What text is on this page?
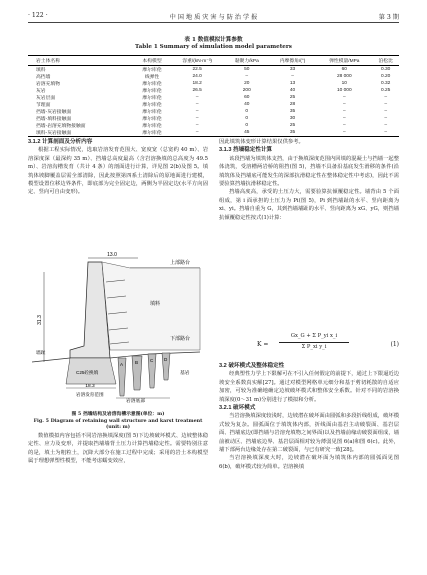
· 122 ·	中 国 地 质 灾 害 与 防 治 学 报	第 3 期
表 1 数值模拟计算参数
Table 1 Summary of simulation model parameters
岩土体名称	本构模型	容重/(kN·m⁻³)	黏聚力/kPa	内摩擦角/(°)	弹性模量/MPa	泊松比
填料	摩尔库伦	22.5	50	33	60	0.30
高挡墙	线弹性	24.0	–	–	28 000	0.20
岩溶充填物	摩尔库伦	18.2	20	13	10	0.32
灰岩	摩尔库伦	26.5	200	40	10 000	0.25
灰岩层面	摩尔库伦	–	60	25	–	–
节理面	摩尔库伦	–	40	28	–	–
挡墙-灰岩接触面	摩尔库伦	–	0	35	–	–
挡墙-填料接触面	摩尔库伦	–	0	30	–	–
挡墙-岩溶充填物接触面	摩尔库伦	–	0	25	–	–
填料-灰岩接触面	摩尔库伦	–	45	35	–	–

3.1.2 计算剖面及分析内容

根据工程实际情况，选取岩溶发育范围大、宽度宽（总宽约 40 m）、岩溶深度深（最深约 35 m）、挡墙总高度最高（含岩溶换填的总高度为 49.5 m）、岩溶沟槽发育（共计 4 条）的剖面进行计算，详见图 2(b)及图 5。填筑体坡脚覆盖层需全部清除，因此按照第四系土清除后的原地面进行建模，模型设置位移边界条件，即底部为完全固定边，两侧为半固定边(水平方向固定、竖向可自由变形)。

13.0
31.3
上部路台
填料
下部路台
C25砼换填
墙趾
A	B	C D
基岩
岩溶底部
岩溶发育范围
18.3
图 5 挡墙结构及岩溶沟槽示意图(单位：m)
Fig. 5 Diagram of retaining wall structure and karst treatment
(unit: m)

数值模拟内容包括不同岩溶换填深度(图 5)下边坡破坏模式、边坡整体稳定性、应力及变形，并提取挡墙墙背土压力计算挡墙稳定性。需要特别注意的是，填土为粗粒土，沉降大部分在施工过程中完成；采用的岩土本构模型属于理想弹塑性模型，不能考虑蠕变效应，

因此填筑体变形计算结果仅供参考。

3.1.3 挡墙稳定性计算

该段挡墙为填筑体支挡，由于换填深度范围内回填的混凝土与挡墙一起整体浇筑，受溶槽两岩桥的阻挡(图 5)，挡墙不具备沿基底发生滑移的条件(沿填筑体及挡墙底可能发生的深部抗滑稳定性在整体稳定性中考虑)，因此不需要验算挡墙抗滑移稳定性。

挡墙高度高，承受的土压力大，需要验算抗倾覆稳定性。墙背由 5 个面组成，第 i 面承担的土压力为 Pi(图 5)，Pi 到挡墙趾的水平、竖向距离为 xi、yi。挡墙自重为 G，其到挡墙墙趾的水平、竖向距离为 xG、yG，则挡墙抗倾覆稳定性按式(1)计算：

K =
Gx_G + Σ P_yi x_i
Σ P_xi y_i	(1)

3.2 破坏模式及整体稳定性

经典塑性力学上下限解可在不引入任何假定的前提下，通过上下限逼近边坡安全系数真实解[27]。通过对模型网格单元细分和基于剪切耗散的自适应加密，可较为准确地确定边坡破坏模式和整体安全系数。针对不同的岩溶换填深度(0～31 m)分别进行了模拟和分析。

3.2.1 破坏模式

当岩溶换填深度较浅时，边坡潜在破坏面由圆弧和多段折线组成，破坏模式较为复杂。圆弧面位于填筑体内部，折线面由基岩主动破裂面、基岩层面、挡墙底边(即挡墙与岩溶充填物之间界面)以及挡墙前缘动破裂面组成，墙前被动区、挡墙底边界、基岩层面相对较为薄弱见图 6(a)和图 6(c)。此外，墙下部两台边缘处存在第二破裂面，与已有研究一致[28]。

当岩溶换填深度大时，边坡潜在破坏面为填筑体内部的圆弧面见图 6(b)，破坏模式较为简单。岩溶换填
